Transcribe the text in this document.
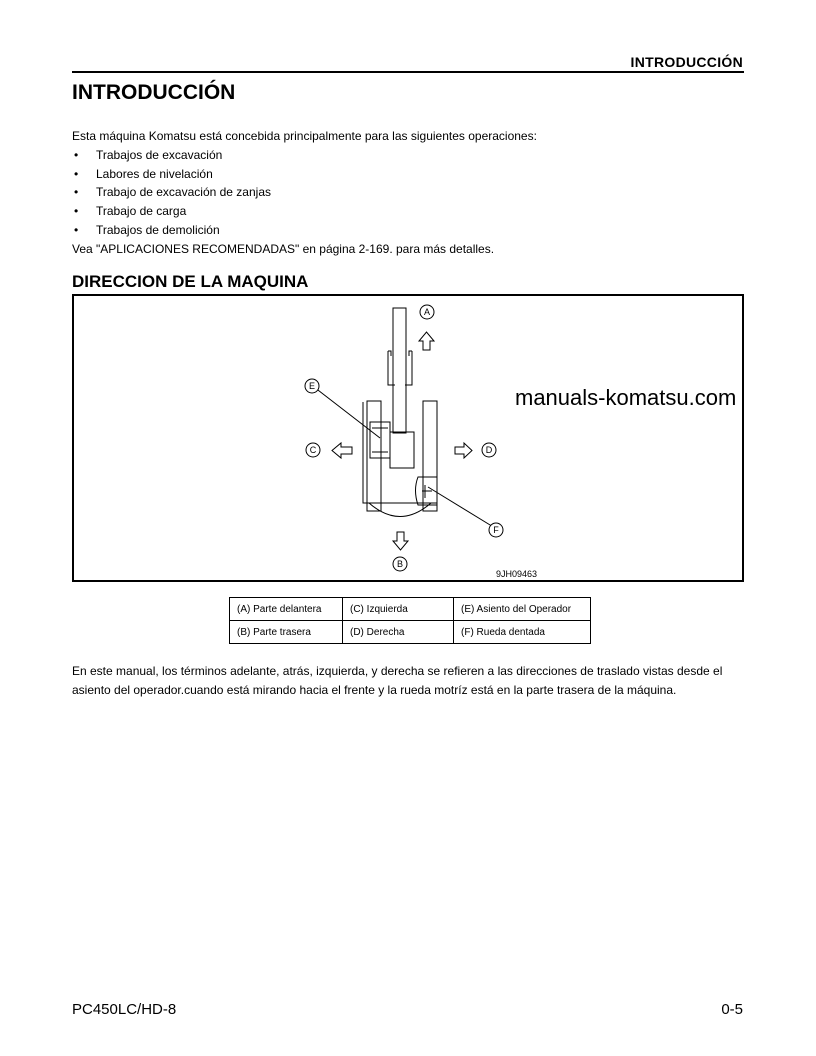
INTRODUCCIÓN
INTRODUCCIÓN
Esta máquina Komatsu está concebida principalmente para las siguientes operaciones:
• Trabajos de excavación
• Labores de nivelación
• Trabajo de excavación de zanjas
• Trabajo de carga
• Trabajos de demolición
Vea "APLICACIONES RECOMENDADAS" en página 2-169. para más detalles.
DIRECCION DE LA MAQUINA
A
B
C	D
E
F
manuals-komatsu.com
9JH09463
(A) Parte delantera	(C) Izquierda	(E) Asiento del Operador
(B) Parte trasera	(D) Derecha	(F) Rueda dentada
En este manual, los términos adelante, atrás, izquierda, y derecha se refieren a las direcciones de traslado vistas desde el asiento del operador.cuando está mirando hacia el frente y la rueda motríz está en la parte trasera de la máquina.
PC450LC/HD-8	0-5
